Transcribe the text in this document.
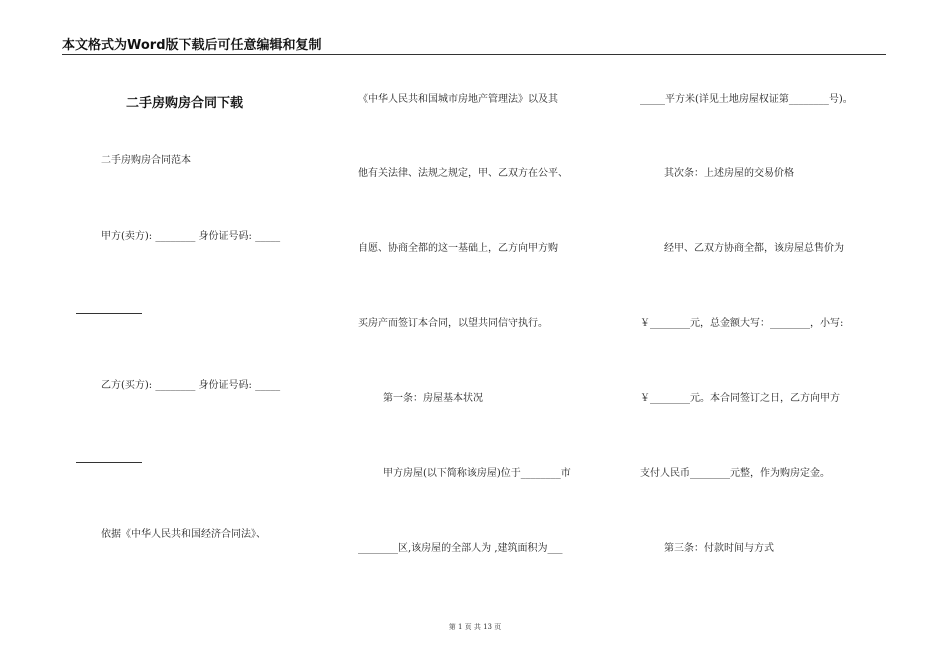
本文格式为Word版下载后可任意编辑和复制
二手房购房合同下载
二手房购房合同范本
甲方(卖方): ________ 身份证号码: _____
乙方(买方): ________ 身份证号码: _____
依据《中华人民共和国经济合同法》、
《中华人民共和国城市房地产管理法》以及其
他有关法律、法规之规定，甲、乙双方在公平、
自愿、协商全都的这一基础上，乙方向甲方购
买房产而签订本合同，以望共同信守执行。
第一条：房屋基本状况
甲方房屋(以下简称该房屋)位于________市
________区,该房屋的全部人为 ,建筑面积为___
_____平方米(详见土地房屋权证第________号)。
其次条：上述房屋的交易价格
经甲、乙双方协商全都，该房屋总售价为
￥________元，总金额大写：________，小写:
￥________元。本合同签订之日，乙方向甲方
支付人民币________元整，作为购房定金。
第三条：付款时间与方式
第 1 页 共 13 页
